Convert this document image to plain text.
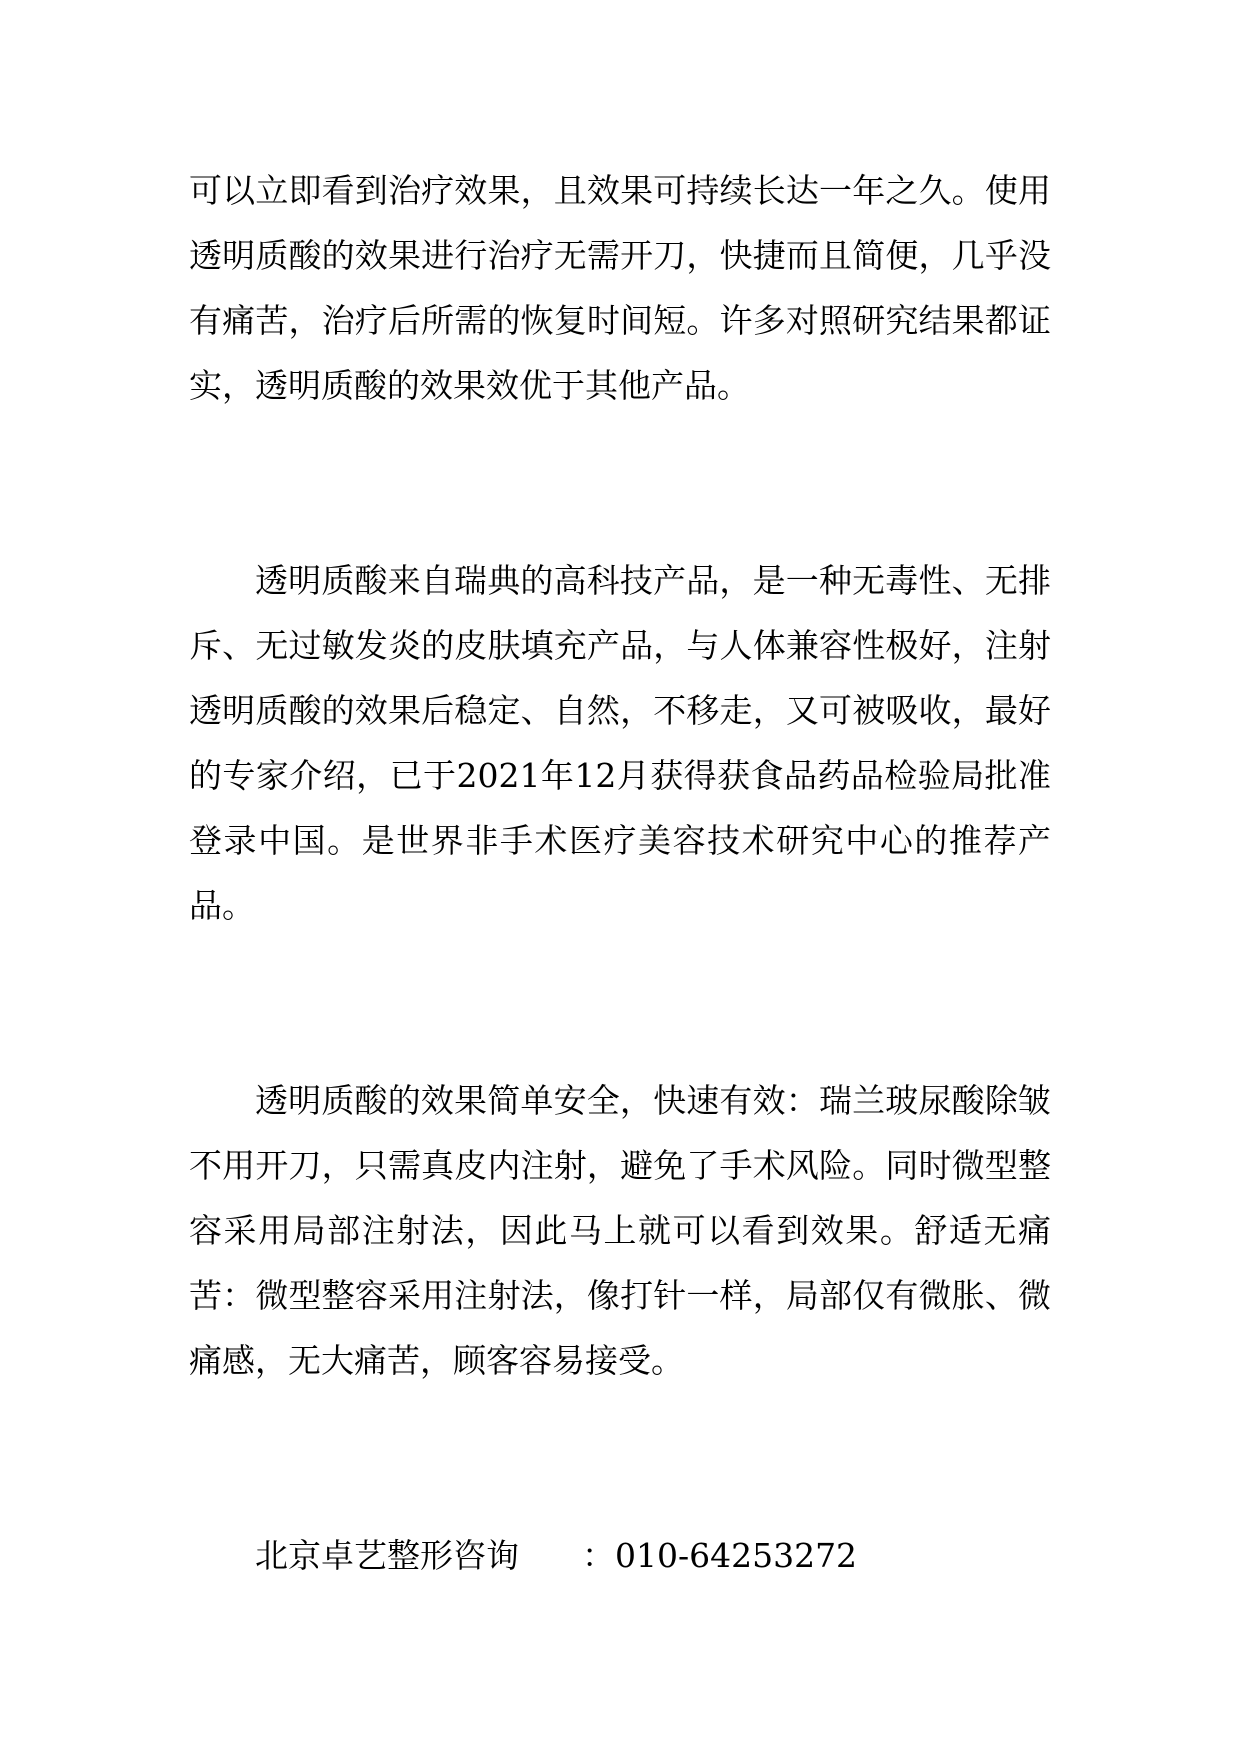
可以立即看到治疗效果，且效果可持续长达一年之久。使用透明质酸的效果进行治疗无需开刀，快捷而且简便，几乎没有痛苦，治疗后所需的恢复时间短。许多对照研究结果都证实，透明质酸的效果效优于其他产品。

透明质酸来自瑞典的高科技产品，是一种无毒性、无排斥、无过敏发炎的皮肤填充产品，与人体兼容性极好，注射透明质酸的效果后稳定、自然，不移走，又可被吸收，最好的专家介绍，已于2021年12月获得获食品药品检验局批准登录中国。是世界非手术医疗美容技术研究中心的推荐产品。

透明质酸的效果简单安全，快速有效：瑞兰玻尿酸除皱不用开刀，只需真皮内注射，避免了手术风险。同时微型整容采用局部注射法，因此马上就可以看到效果。舒适无痛苦：微型整容采用注射法，像打针一样，局部仅有微胀、微痛感，无大痛苦，顾客容易接受。

北京卓艺整形咨询 ：010-64253272
